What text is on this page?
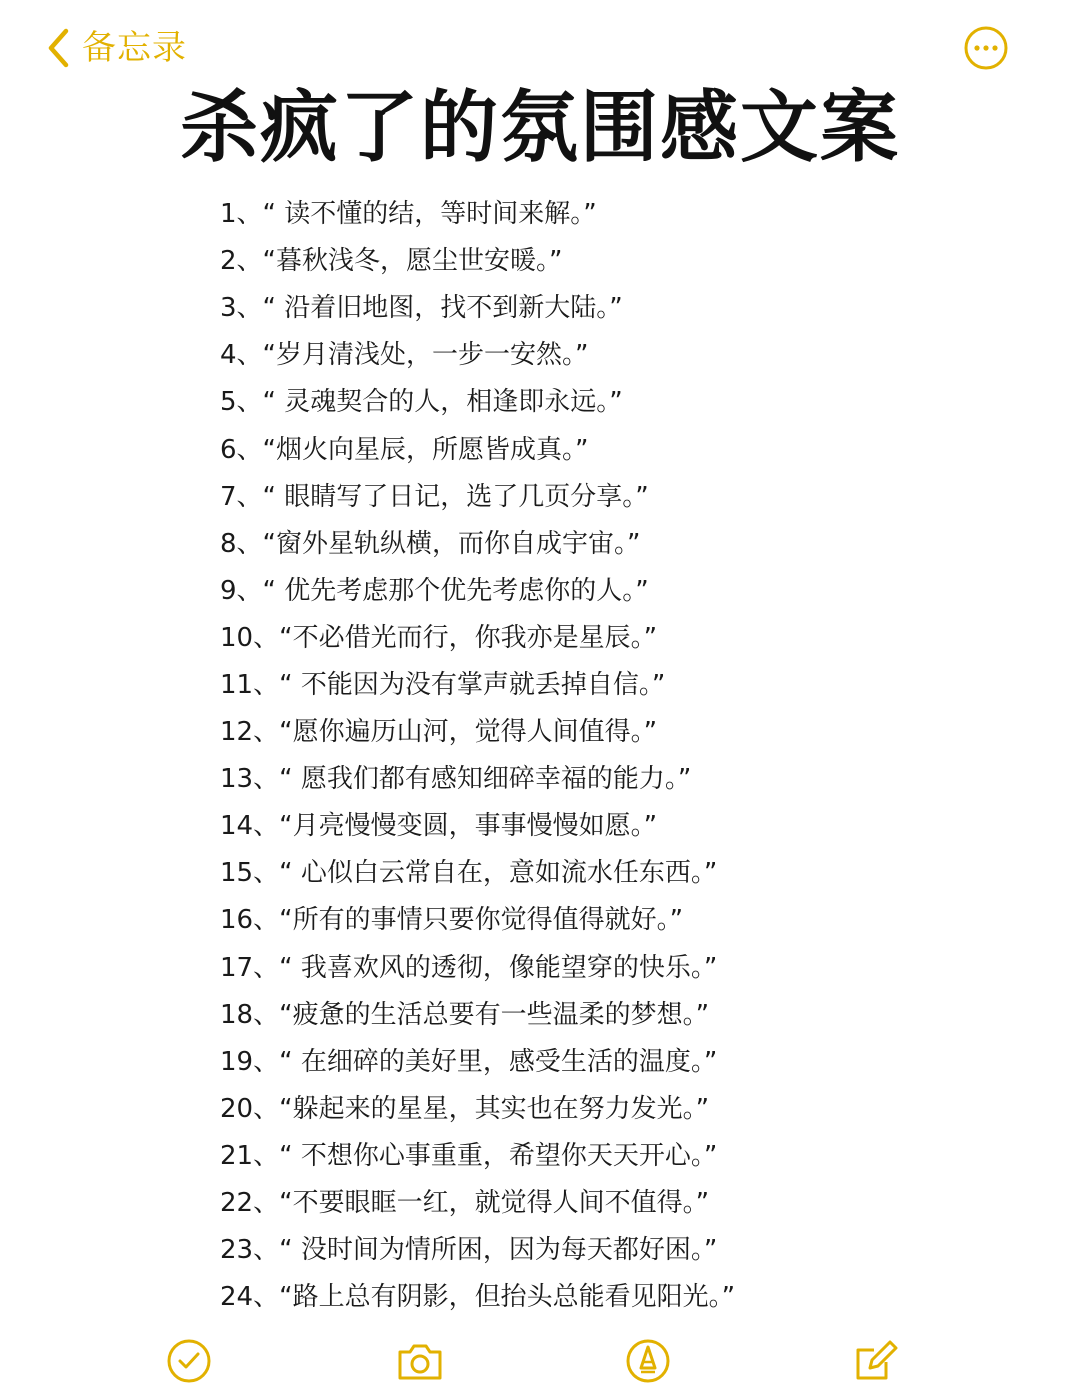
备忘录
杀疯了的氛围感文案
1、 “ 读不懂的结，等时间来解。”
2、 “暮秋浅冬，愿尘世安暖。”
3、 “ 沿着旧地图，找不到新大陆。”
4、 “岁月清浅处，一步一安然。”
5、 “ 灵魂契合的人，相逢即永远。”
6、 “烟火向星辰，所愿皆成真。”
7、 “ 眼睛写了日记，选了几页分享。”
8、 “窗外星轨纵横，而你自成宇宙。”
9、 “ 优先考虑那个优先考虑你的人。”
10、 “不必借光而行，你我亦是星辰。”
11、 “ 不能因为没有掌声就丢掉自信。”
12、 “愿你遍历山河，觉得人间值得。”
13、 “ 愿我们都有感知细碎幸福的能力。”
14、 “月亮慢慢变圆，事事慢慢如愿。”
15、 “ 心似白云常自在，意如流水任东西。”
16、 “所有的事情只要你觉得值得就好。”
17、 “ 我喜欢风的透彻，像能望穿的快乐。”
18、 “疲惫的生活总要有一些温柔的梦想。”
19、 “ 在细碎的美好里，感受生活的温度。”
20、 “躲起来的星星，其实也在努力发光。”
21、 “ 不想你心事重重，希望你天天开心。”
22、 “不要眼眶一红，就觉得人间不值得。”
23、 “ 没时间为情所困，因为每天都好困。”
24、 “路上总有阴影，但抬头总能看见阳光。”
